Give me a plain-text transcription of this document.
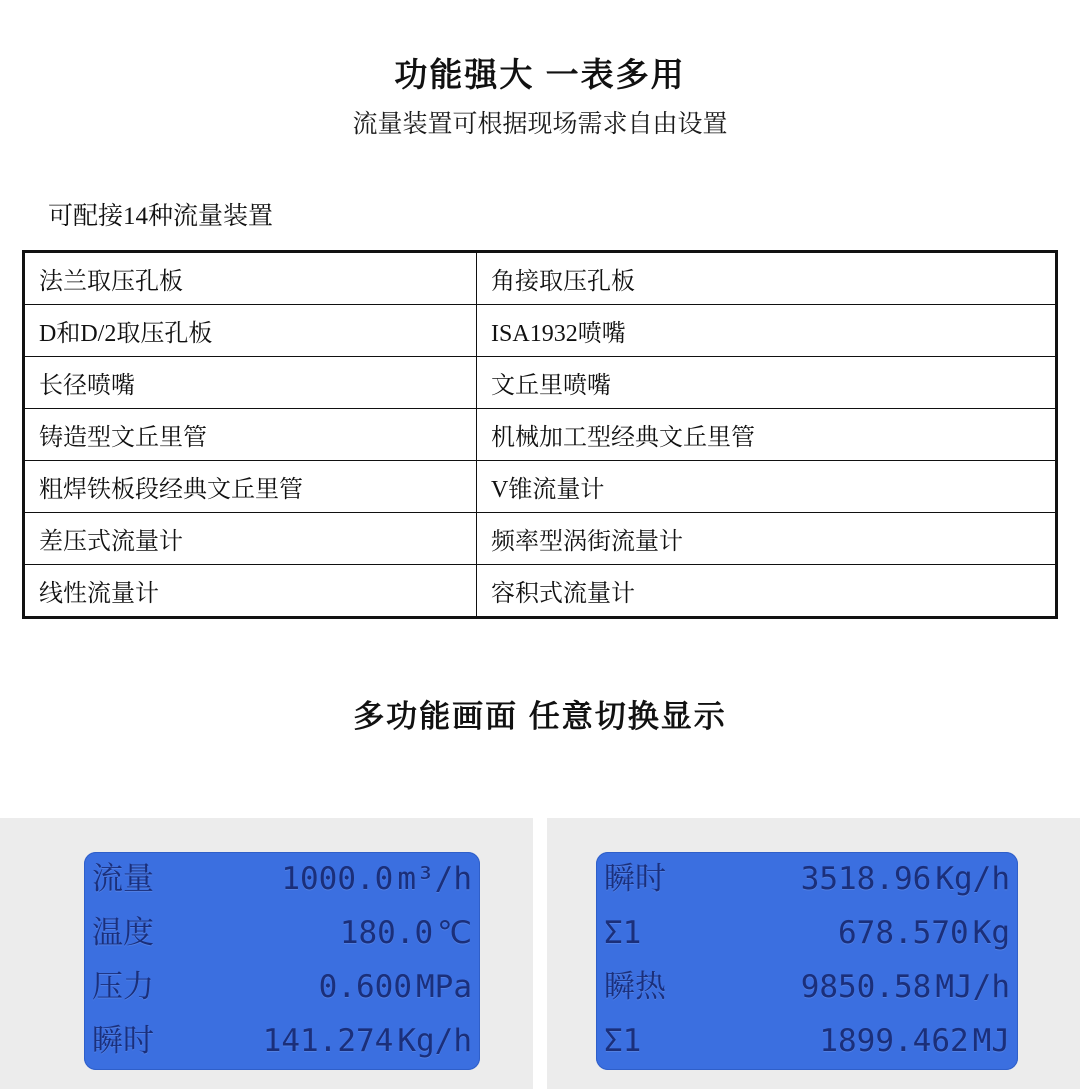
功能强大 一表多用

流量装置可根据现场需求自由设置

可配接14种流量装置

法兰取压孔板	角接取压孔板
D和D/2取压孔板	ISA1932喷嘴
长径喷嘴	文丘里喷嘴
铸造型文丘里管	机械加工型经典文丘里管
粗焊铁板段经典文丘里管	V锥流量计
差压式流量计	频率型涡街流量计
线性流量计	容积式流量计
多功能画面 任意切换显示
流量	1000.0 m³/h
温度	180.0 ℃
压力	0.600 MPa
瞬时	141.274 Kg/h
瞬时	3518.96 Kg/h
Σ1	678.570 Kg
瞬热	9850.58 MJ/h
Σ1	1899.462 MJ
